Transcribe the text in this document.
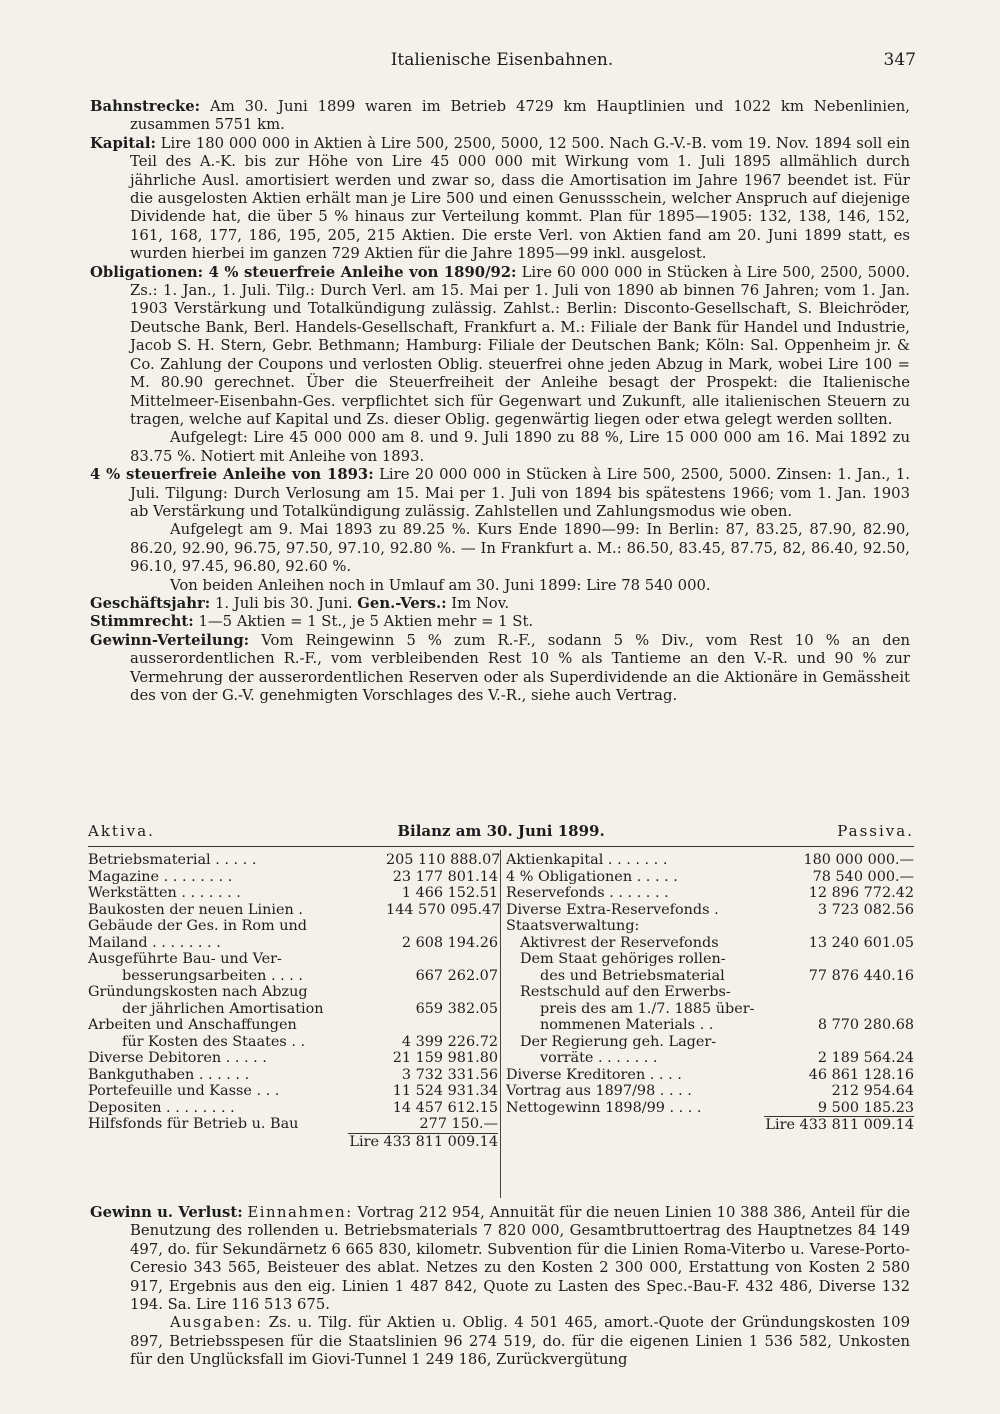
Italienische Eisenbahnen.	347

Bahnstrecke: Am 30. Juni 1899 waren im Betrieb 4729 km Hauptlinien und 1022 km Nebenlinien, zusammen 5751 km.

Kapital: Lire 180 000 000 in Aktien à Lire 500, 2500, 5000, 12 500. Nach G.-V.-B. vom 19. Nov. 1894 soll ein Teil des A.-K. bis zur Höhe von Lire 45 000 000 mit Wirkung vom 1. Juli 1895 allmählich durch jährliche Ausl. amortisiert werden und zwar so, dass die Amortisation im Jahre 1967 beendet ist. Für die ausgelosten Aktien erhält man je Lire 500 und einen Genussschein, welcher Anspruch auf diejenige Dividende hat, die über 5 % hinaus zur Verteilung kommt. Plan für 1895—1905: 132, 138, 146, 152, 161, 168, 177, 186, 195, 205, 215 Aktien. Die erste Verl. von Aktien fand am 20. Juni 1899 statt, es wurden hierbei im ganzen 729 Aktien für die Jahre 1895—99 inkl. ausgelost.

Obligationen: 4 % steuerfreie Anleihe von 1890/92: Lire 60 000 000 in Stücken à Lire 500, 2500, 5000. Zs.: 1. Jan., 1. Juli. Tilg.: Durch Verl. am 15. Mai per 1. Juli von 1890 ab binnen 76 Jahren; vom 1. Jan. 1903 Verstärkung und Totalkündigung zulässig. Zahlst.: Berlin: Disconto-Gesellschaft, S. Bleichröder, Deutsche Bank, Berl. Handels-Gesellschaft, Frankfurt a. M.: Filiale der Bank für Handel und Industrie, Jacob S. H. Stern, Gebr. Bethmann; Hamburg: Filiale der Deutschen Bank; Köln: Sal. Oppenheim jr. & Co. Zahlung der Coupons und verlosten Oblig. steuerfrei ohne jeden Abzug in Mark, wobei Lire 100 = M. 80.90 gerechnet. Über die Steuerfreiheit der Anleihe besagt der Prospekt: die Italienische Mittelmeer-Eisenbahn-Ges. verpflichtet sich für Gegenwart und Zukunft, alle italienischen Steuern zu tragen, welche auf Kapital und Zs. dieser Oblig. gegenwärtig liegen oder etwa gelegt werden sollten.

Aufgelegt: Lire 45 000 000 am 8. und 9. Juli 1890 zu 88 %, Lire 15 000 000 am 16. Mai 1892 zu 83.75 %. Notiert mit Anleihe von 1893.

4 % steuerfreie Anleihe von 1893: Lire 20 000 000 in Stücken à Lire 500, 2500, 5000. Zinsen: 1. Jan., 1. Juli. Tilgung: Durch Verlosung am 15. Mai per 1. Juli von 1894 bis spätestens 1966; vom 1. Jan. 1903 ab Verstärkung und Totalkündigung zulässig. Zahlstellen und Zahlungsmodus wie oben.

Aufgelegt am 9. Mai 1893 zu 89.25 %. Kurs Ende 1890—99: In Berlin: 87, 83.25, 87.90, 82.90, 86.20, 92.90, 96.75, 97.50, 97.10, 92.80 %. — In Frankfurt a. M.: 86.50, 83.45, 87.75, 82, 86.40, 92.50, 96.10, 97.45, 96.80, 92.60 %.

Von beiden Anleihen noch in Umlauf am 30. Juni 1899: Lire 78 540 000.

Geschäftsjahr: 1. Juli bis 30. Juni. Gen.-Vers.: Im Nov.

Stimmrecht: 1—5 Aktien = 1 St., je 5 Aktien mehr = 1 St.

Gewinn-Verteilung: Vom Reingewinn 5 % zum R.-F., sodann 5 % Div., vom Rest 10 % an den ausserordentlichen R.-F., vom verbleibenden Rest 10 % als Tantieme an den V.-R. und 90 % zur Vermehrung der ausserordentlichen Reserven oder als Superdividende an die Aktionäre in Gemässheit des von der G.-V. genehmigten Vorschlages des V.-R., siehe auch Vertrag.

Aktiva.	Bilanz am 30. Juni 1899.	Passiva.
Betriebsmaterial . . . . .	205 110 888.07
Magazine . . . . . . . .	23 177 801.14
Werkstätten . . . . . . .	1 466 152.51
Baukosten der neuen Linien .	144 570 095.47
Gebäude der Ges. in Rom und
Mailand . . . . . . . .	2 608 194.26
Ausgeführte Bau- und Ver-
besserungsarbeiten . . . .	667 262.07
Gründungskosten nach Abzug
der jährlichen Amortisation	659 382.05
Arbeiten und Anschaffungen
für Kosten des Staates . .	4 399 226.72
Diverse Debitoren . . . . .	21 159 981.80
Bankguthaben . . . . . .	3 732 331.56
Portefeuille und Kasse . . .	11 524 931.34
Depositen . . . . . . . .	14 457 612.15
Hilfsfonds für Betrieb u. Bau	277 150.—
Lire 433 811 009.14
Aktienkapital . . . . . . .	180 000 000.—
4 % Obligationen . . . . .	78 540 000.—
Reservefonds . . . . . . .	12 896 772.42
Diverse Extra-Reservefonds .	3 723 082.56
Staatsverwaltung:
Aktivrest der Reservefonds	13 240 601.05
Dem Staat gehöriges rollen-
des und Betriebsmaterial	77 876 440.16
Restschuld auf den Erwerbs-
preis des am 1./7. 1885 über-
nommenen Materials . .	8 770 280.68
Der Regierung geh. Lager-
vorräte . . . . . . .	2 189 564.24
Diverse Kreditoren . . . .	46 861 128.16
Vortrag aus 1897/98 . . . .	212 954.64
Nettogewinn 1898/99 . . . .	9 500 185.23
Lire 433 811 009.14

Gewinn u. Verlust: Einnahmen: Vortrag 212 954, Annuität für die neuen Linien 10 388 386, Anteil für die Benutzung des rollenden u. Betriebsmaterials 7 820 000, Gesamtbruttoertrag des Hauptnetzes 84 149 497, do. für Sekundärnetz 6 665 830, kilometr. Subvention für die Linien Roma-Viterbo u. Varese-Porto-Ceresio 343 565, Beisteuer des ablat. Netzes zu den Kosten 2 300 000, Erstattung von Kosten 2 580 917, Ergebnis aus den eig. Linien 1 487 842, Quote zu Lasten des Spec.-Bau-F. 432 486, Diverse 132 194. Sa. Lire 116 513 675.

Ausgaben: Zs. u. Tilg. für Aktien u. Oblig. 4 501 465, amort.-Quote der Gründungskosten 109 897, Betriebsspesen für die Staatslinien 96 274 519, do. für die eigenen Linien 1 536 582, Unkosten für den Unglücksfall im Giovi-Tunnel 1 249 186, Zurückvergütung
